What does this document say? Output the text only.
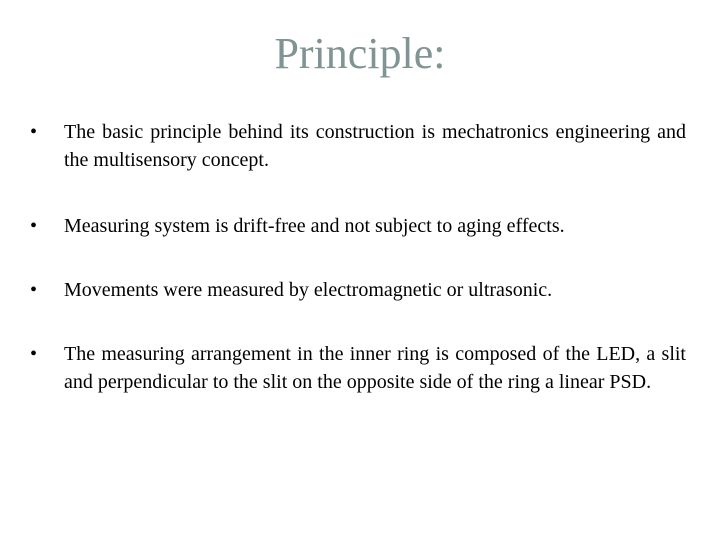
Principle:
•	The basic principle behind its construction is mechatronics engineering and the multisensory concept.
•	Measuring system is drift-free and not subject to aging effects.
•	Movements were measured by electromagnetic or ultrasonic.
•	The measuring arrangement in the inner ring is composed of the LED, a slit and perpendicular to the slit on the opposite side of the ring a linear PSD.
